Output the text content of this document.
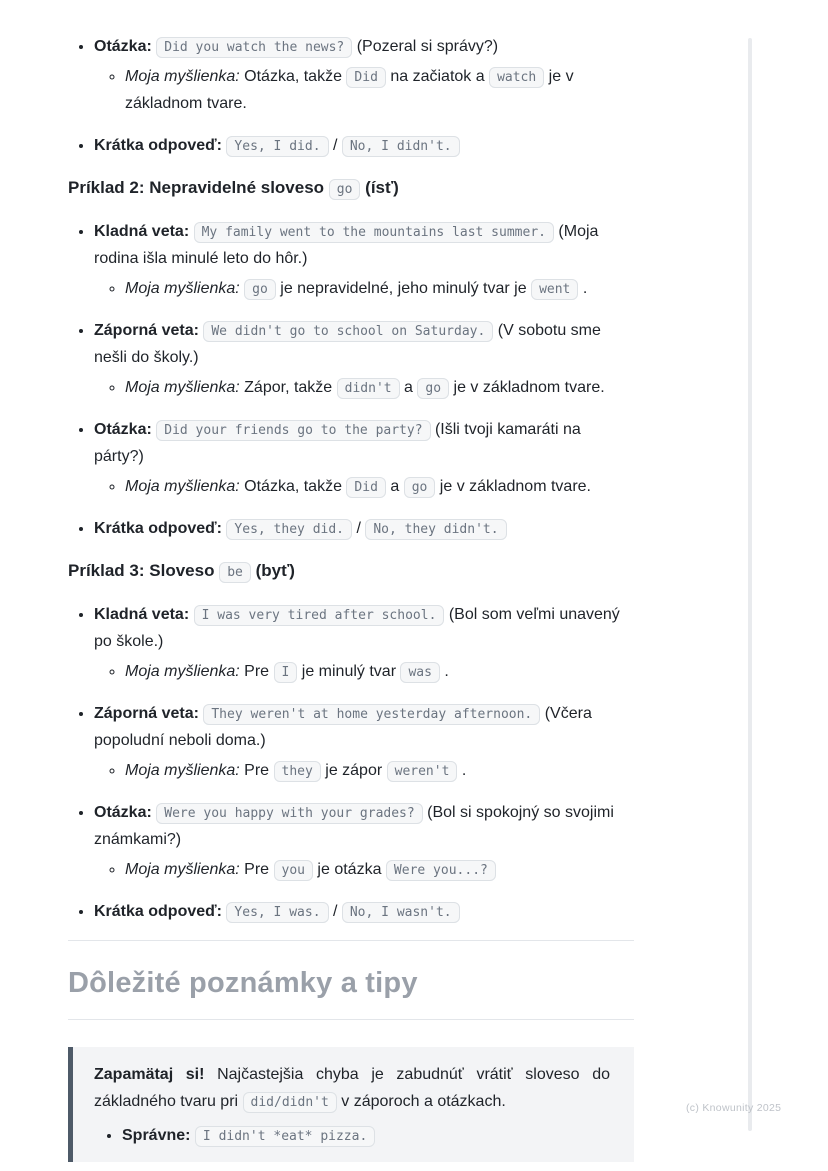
• Otázka: Did you watch the news? (Pozeral si správy?)
◦ Moja myšlienka: Otázka, takže Did na začiatok a watch je v základnom tvare.
• Krátka odpoveď: Yes, I did. / No, I didn't.
Príklad 2: Nepravidelné sloveso go (ísť)
• Kladná veta: My family went to the mountains last summer. (Moja rodina išla minulé leto do hôr.)
◦ Moja myšlienka: go je nepravidelné, jeho minulý tvar je went .
• Záporná veta: We didn't go to school on Saturday. (V sobotu sme nešli do školy.)
◦ Moja myšlienka: Zápor, takže didn't a go je v základnom tvare.
• Otázka: Did your friends go to the party? (Išli tvoji kamaráti na párty?)
◦ Moja myšlienka: Otázka, takže Did a go je v základnom tvare.
• Krátka odpoveď: Yes, they did. / No, they didn't.
Príklad 3: Sloveso be (byť)
• Kladná veta: I was very tired after school. (Bol som veľmi unavený po škole.)
◦ Moja myšlienka: Pre I je minulý tvar was .
• Záporná veta: They weren't at home yesterday afternoon. (Včera popoludní neboli doma.)
◦ Moja myšlienka: Pre they je zápor weren't .
• Otázka: Were you happy with your grades? (Bol si spokojný so svojimi známkami?)
◦ Moja myšlienka: Pre you je otázka Were you...?
• Krátka odpoveď: Yes, I was. / No, I wasn't.
Dôležité poznámky a tipy

Zapamätaj si! Najčastejšia chyba je zabudnúť vrátiť sloveso do základného tvaru pri did/didn't v záporoch a otázkach.

• Správne: I didn't *eat* pizza.
(c) Knowunity 2025
